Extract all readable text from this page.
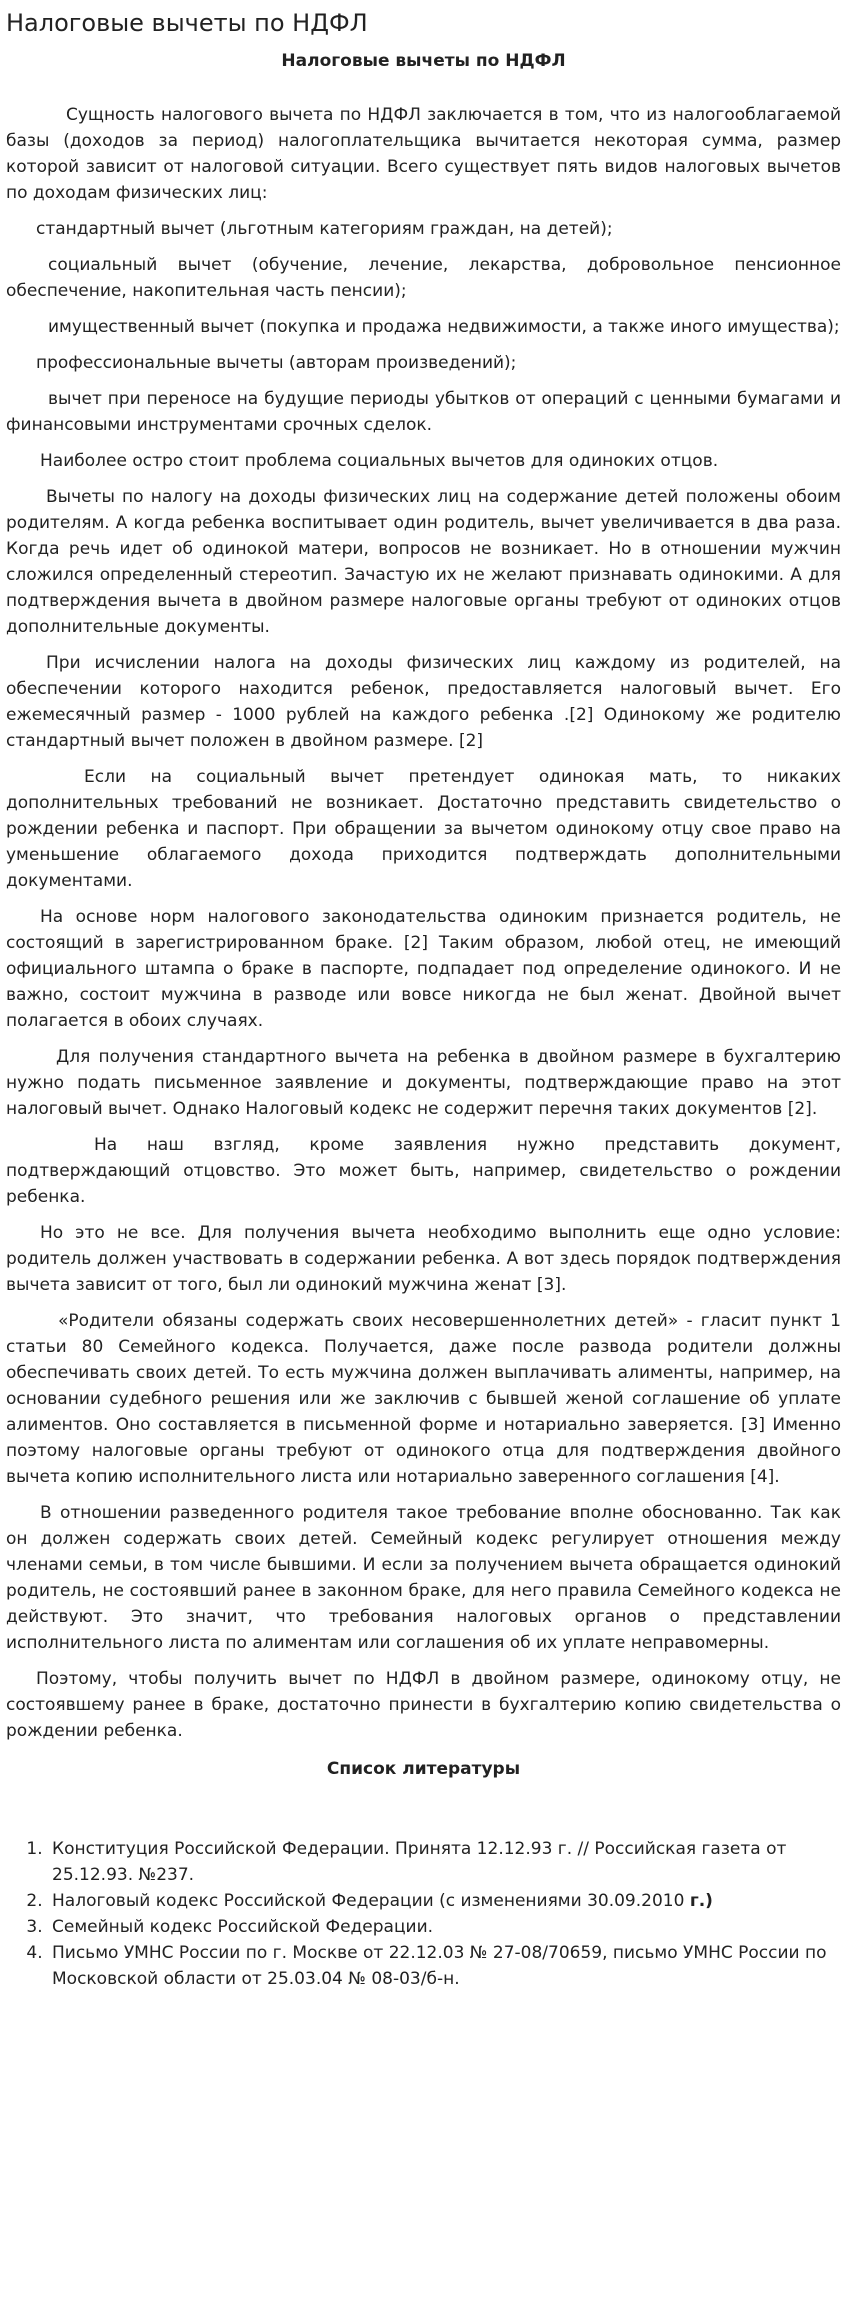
Налоговые вычеты по НДФЛ
Налоговые вычеты по НДФЛ

Сущность налогового вычета по НДФЛ заключается в том, что из налогооблагаемой базы (доходов за период) налогоплательщика вычитается некоторая сумма, размер которой зависит от налоговой ситуации. Всего существует пять видов налоговых вычетов по доходам физических лиц:

стандартный вычет (льготным категориям граждан, на детей);

социальный вычет (обучение, лечение, лекарства, добровольное пенсионное обеспечение, накопительная часть пенсии);

имущественный вычет (покупка и продажа недвижимости, а также иного имущества);

профессиональные вычеты (авторам произведений);

вычет при переносе на будущие периоды убытков от операций с ценными бумагами и финансовыми инструментами срочных сделок.

Наиболее остро стоит проблема социальных вычетов для одиноких отцов.

Вычеты по налогу на доходы физических лиц на содержание детей положены обоим родителям. А когда ребенка воспитывает один родитель, вычет увеличивается в два раза. Когда речь идет об одинокой матери, вопросов не возникает. Но в отношении мужчин сложился определенный стереотип. Зачастую их не желают признавать одинокими. А для подтверждения вычета в двойном размере налоговые органы требуют от одиноких отцов дополнительные документы.

При исчислении налога на доходы физических лиц каждому из родителей, на обеспечении которого находится ребенок, предоставляется налоговый вычет. Его ежемесячный размер - 1000 рублей на каждого ребенка .[2] Одинокому же родителю стандартный вычет положен в двойном размере. [2]

Если на социальный вычет претендует одинокая мать, то никаких дополнительных требований не возникает. Достаточно представить свидетельство о рождении ребенка и паспорт. При обращении за вычетом одинокому отцу свое право на уменьшение облагаемого дохода приходится подтверждать дополнительными документами.

На основе норм налогового законодательства одиноким признается родитель, не состоящий в зарегистрированном браке. [2] Таким образом, любой отец, не имеющий официального штампа о браке в паспорте, подпадает под определение одинокого. И не важно, состоит мужчина в разводе или вовсе никогда не был женат. Двойной вычет полагается в обоих случаях.

Для получения стандартного вычета на ребенка в двойном размере в бухгалтерию нужно подать письменное заявление и документы, подтверждающие право на этот налоговый вычет. Однако Налоговый кодекс не содержит перечня таких документов [2].

На наш взгляд, кроме заявления нужно представить документ, подтверждающий отцовство. Это может быть, например, свидетельство о рождении ребенка.

Но это не все. Для получения вычета необходимо выполнить еще одно условие: родитель должен участвовать в содержании ребенка. А вот здесь порядок подтверждения вычета зависит от того, был ли одинокий мужчина женат [3].

«Родители обязаны содержать своих несовершеннолетних детей» - гласит пункт 1 статьи 80 Семейного кодекса. Получается, даже после развода родители должны обеспечивать своих детей. То есть мужчина должен выплачивать алименты, например, на основании судебного решения или же заключив с бывшей женой соглашение об уплате алиментов. Оно составляется в письменной форме и нотариально заверяется. [3] Именно поэтому налоговые органы требуют от одинокого отца для подтверждения двойного вычета копию исполнительного листа или нотариально заверенного соглашения [4].

В отношении разведенного родителя такое требование вполне обоснованно. Так как он должен содержать своих детей. Семейный кодекс регулирует отношения между членами семьи, в том числе бывшими. И если за получением вычета обращается одинокий родитель, не состоявший ранее в законном браке, для него правила Семейного кодекса не действуют. Это значит, что требования налоговых органов о представлении исполнительного листа по алиментам или соглашения об их уплате неправомерны.

Поэтому, чтобы получить вычет по НДФЛ в двойном размере, одинокому отцу, не состоявшему ранее в браке, достаточно принести в бухгалтерию копию свидетельства о рождении ребенка.

Список литературы
1. Конституция Российской Федерации. Принята 12.12.93 г. // Российская газета от 25.12.93. №237.
2. Налоговый кодекс Российской Федерации (с изменениями 30.09.2010 г.)
3. Семейный кодекс Российской Федерации.
4. Письмо УМНС России по г. Москве от 22.12.03 № 27-08/70659, письмо УМНС России по Московской области от 25.03.04 № 08-03/б-н.
